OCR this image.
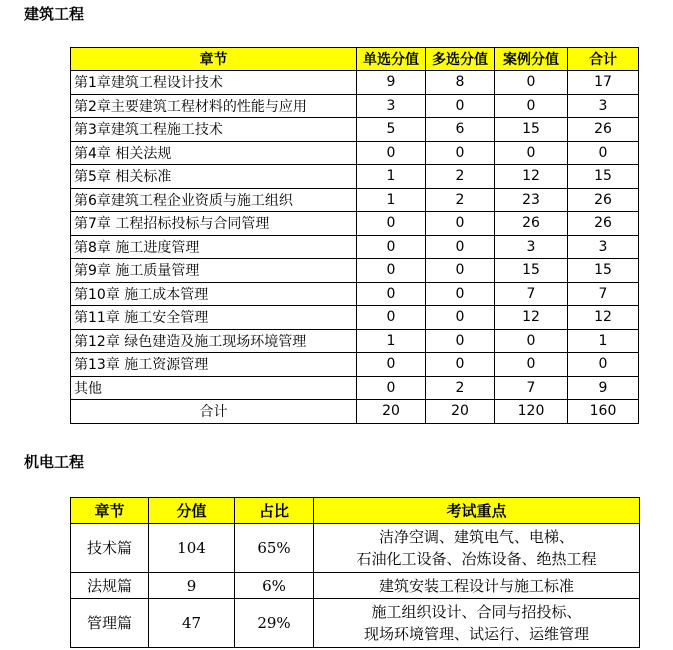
建筑工程
章节	单选分值	多选分值	案例分值	合计
第1章建筑工程设计技术	9	8	0	17
第2章主要建筑工程材料的性能与应用	3	0	0	3
第3章建筑工程施工技术	5	6	15	26
第4章 相关法规	0	0	0	0
第5章 相关标准	1	2	12	15
第6章建筑工程企业资质与施工组织	1	2	23	26
第7章 工程招标投标与合同管理	0	0	26	26
第8章 施工进度管理	0	0	3	3
第9章 施工质量管理	0	0	15	15
第10章 施工成本管理	0	0	7	7
第11章 施工安全管理	0	0	12	12
第12章 绿色建造及施工现场环境管理	1	0	0	1
第13章 施工资源管理	0	0	0	0
其他	0	2	7	9
合计	20	20	120	160
机电工程
章节	分值	占比	考试重点
技术篇	104	65%	洁净空调、建筑电气、电梯、
石油化工设备、冶炼设备、绝热工程

法规篇	9	6%	建筑安装工程设计与施工标准

管理篇	47	29%	施工组织设计、合同与招投标、
现场环境管理、试运行、运维管理
